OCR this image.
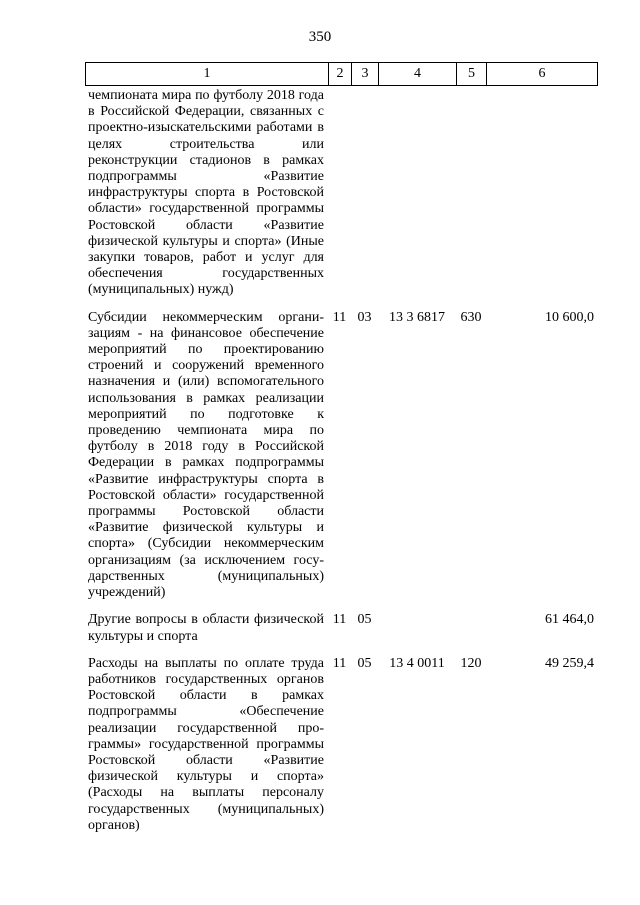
350
1	2	3	4	5	6
чемпионата мира по футболу 2018 года в Российской Федерации, связанных с проектно-изыскательскими работами в целях строительства или реконструкции стадионов в рамках подпрограммы «Развитие инфраструктуры спорта в Ростовской области» государственной программы Ростовской области «Развитие физической культуры и спорта» (Иные закупки товаров, работ и услуг для обеспечения государственных (муниципальных) нужд)					
Субсидии некоммерческим организациям - на финансовое обеспечение мероприятий по проектированию строений и сооружений временного назначения и (или) вспомогательного использования в рамках реализации мероприятий по подготовке к проведению чемпионата мира по футболу в 2018 году в Российской Федерации в рамках подпрограммы «Развитие инфраструктуры спорта в Ростовской области» государственной программы Ростовской области «Развитие физической культуры и спорта» (Субсидии некоммерческим организациям (за исключением государственных (муниципальных) учреждений)	11	03	13 3 6817	630	10 600,0
Другие вопросы в области физической культуры и спорта	11	05			61 464,0
Расходы на выплаты по оплате труда работников государственных органов Ростовской области в рамках подпрограммы «Обеспечение реализации государственной программы» государственной программы Ростовской области «Развитие физической культуры и спорта» (Расходы на выплаты персоналу государственных (муниципальных) органов)	11	05	13 4 0011	120	49 259,4
